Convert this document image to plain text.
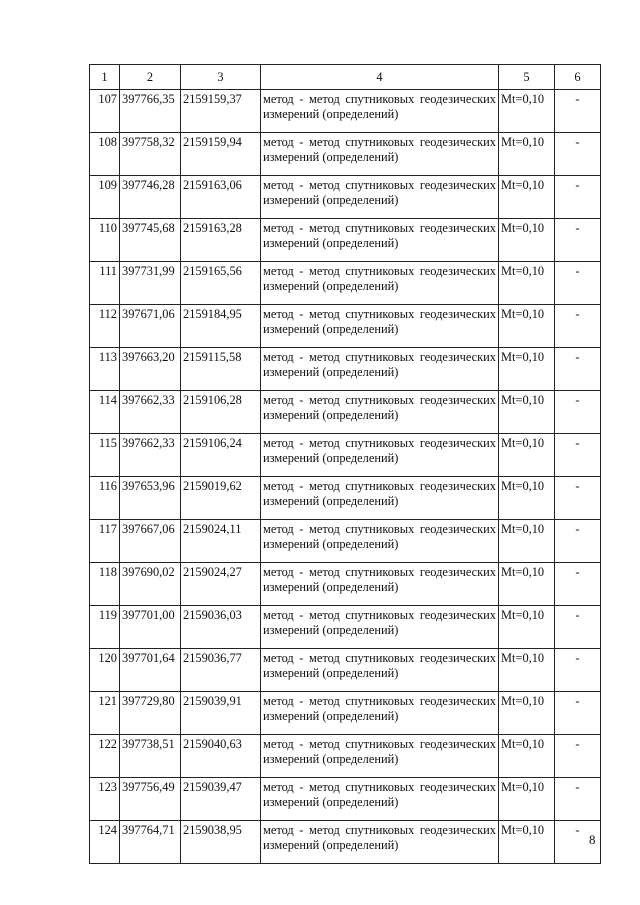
1	2	3	4	5	6
107	397766,35	2159159,37	метод - метод спутниковых геодезических измерений (определений)	Mt=0,10	-
108	397758,32	2159159,94	метод - метод спутниковых геодезических измерений (определений)	Mt=0,10	-
109	397746,28	2159163,06	метод - метод спутниковых геодезических измерений (определений)	Mt=0,10	-
110	397745,68	2159163,28	метод - метод спутниковых геодезических измерений (определений)	Mt=0,10	-
111	397731,99	2159165,56	метод - метод спутниковых геодезических измерений (определений)	Mt=0,10	-
112	397671,06	2159184,95	метод - метод спутниковых геодезических измерений (определений)	Mt=0,10	-
113	397663,20	2159115,58	метод - метод спутниковых геодезических измерений (определений)	Mt=0,10	-
114	397662,33	2159106,28	метод - метод спутниковых геодезических измерений (определений)	Mt=0,10	-
115	397662,33	2159106,24	метод - метод спутниковых геодезических измерений (определений)	Mt=0,10	-
116	397653,96	2159019,62	метод - метод спутниковых геодезических измерений (определений)	Mt=0,10	-
117	397667,06	2159024,11	метод - метод спутниковых геодезических измерений (определений)	Mt=0,10	-
118	397690,02	2159024,27	метод - метод спутниковых геодезических измерений (определений)	Mt=0,10	-
119	397701,00	2159036,03	метод - метод спутниковых геодезических измерений (определений)	Mt=0,10	-
120	397701,64	2159036,77	метод - метод спутниковых геодезических измерений (определений)	Mt=0,10	-
121	397729,80	2159039,91	метод - метод спутниковых геодезических измерений (определений)	Mt=0,10	-
122	397738,51	2159040,63	метод - метод спутниковых геодезических измерений (определений)	Mt=0,10	-
123	397756,49	2159039,47	метод - метод спутниковых геодезических измерений (определений)	Mt=0,10	-
124	397764,71	2159038,95	метод - метод спутниковых геодезических измерений (определений)	Mt=0,10	-
8
